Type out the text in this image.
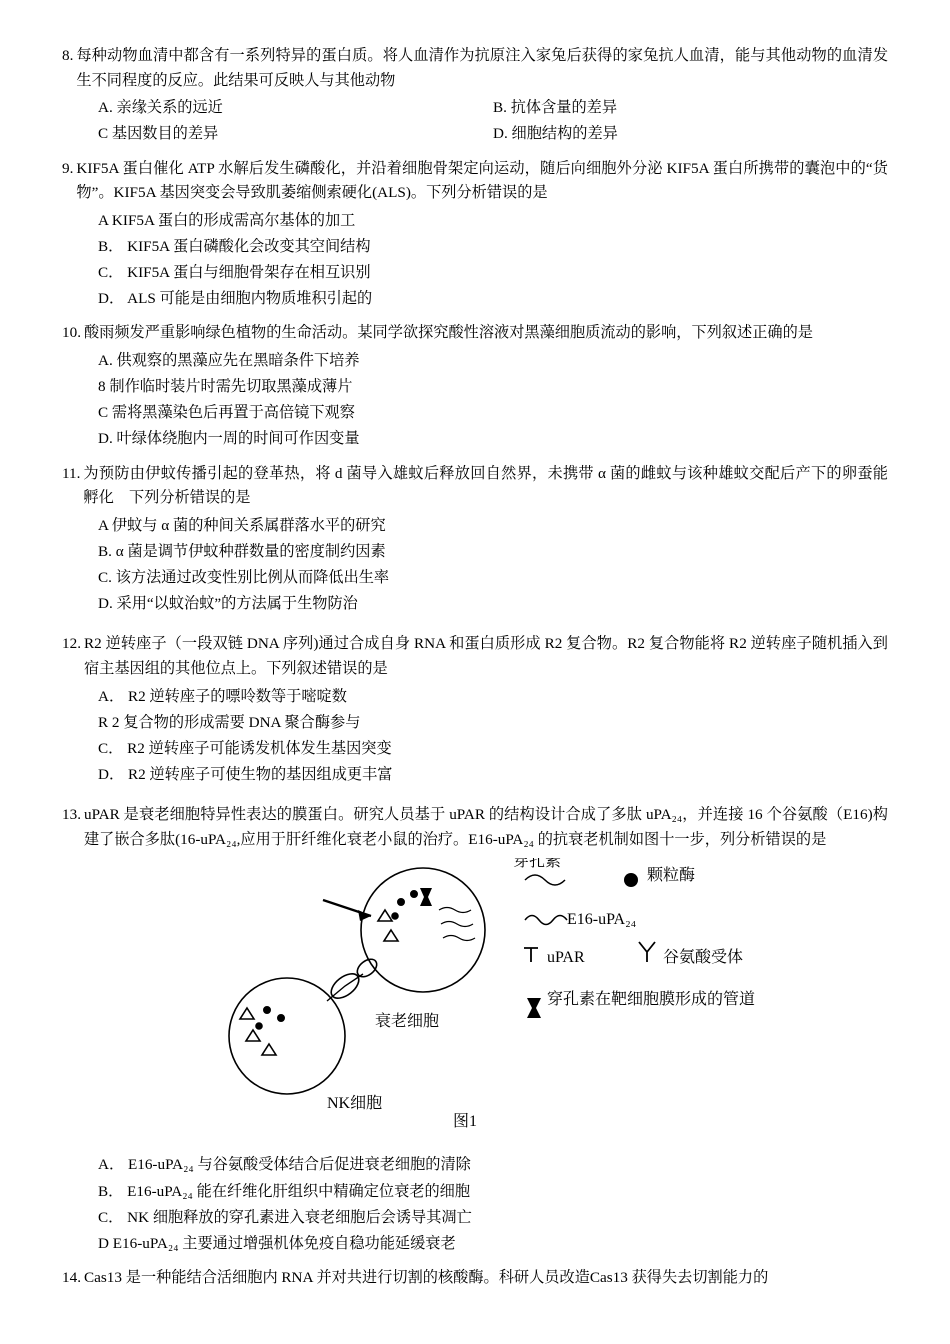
8. 每种动物血清中都含有一系列特异的蛋白质。将人血清作为抗原注入家兔后获得的家兔抗人血清，能与其他动物的血清发生不同程度的反应。此结果可反映人与其他动物
A. 亲缘关系的远近	B. 抗体含量的差异
C 基因数目的差异	D. 细胞结构的差异
9. KIF5A 蛋白催化 ATP 水解后发生磷酸化，并沿着细胞骨架定向运动，随后向细胞外分泌 KIF5A 蛋白所携带的囊泡中的“货物”。KIF5A 基因突变会导致肌萎缩侧索硬化(ALS)。下列分析错误的是
A KIF5A 蛋白的形成需高尔基体的加工
B． KIF5A 蛋白磷酸化会改变其空间结构
C． KIF5A 蛋白与细胞骨架存在相互识别
D． ALS 可能是由细胞内物质堆积引起的
10. 酸雨频发严重影响绿色植物的生命活动。某同学欲探究酸性溶液对黑藻细胞质流动的影响，下列叙述正确的是
A. 供观察的黑藻应先在黑暗条件下培养
8 制作临时装片时需先切取黑藻成薄片
C 需将黑藻染色后再置于高倍镜下观察
D. 叶绿体绕胞内一周的时间可作因变量
11. 为预防由伊蚊传播引起的登革热，将 d 菌导入雄蚊后释放回自然界，未携带 α 菌的雌蚊与该种雄蚊交配后产下的卵蚕能孵化　下列分析错误的是
A 伊蚊与 α 菌的种间关系属群落水平的研究
B. α 菌是调节伊蚊种群数量的密度制约因素
C. 该方法通过改变性别比例从而降低出生率
D. 采用“以蚊治蚊”的方法属于生物防治
12. R2 逆转座子（一段双链 DNA 序列)通过合成自身 RNA 和蛋白质形成 R2 复合物。R2 复合物能将 R2 逆转座子随机插入到宿主基因组的其他位点上。下列叙述错误的是
A． R2 逆转座子的嘌呤数等于嘧啶数
R 2 复合物的形成需要 DNA 聚合酶参与
C． R2 逆转座子可能诱发机体发生基因突变
D． R2 逆转座子可使生物的基因组成更丰富
13. uPAR 是衰老细胞特异性表达的膜蛋白。研究人员基于 uPAR 的结构设计合成了多肽 uPA₂₄，并连接 16 个谷氨酸（E16)构建了嵌合多肽(16-uPA₂₄,应用于肝纤维化衰老小鼠的治疗。E16-uPA₂₄ 的抗衰老机制如图十一步，列分析错误的是
衰老细胞
NK细胞
穿孔素
颗粒酶
E16-uPA₂₄
uPAR	谷氨酸受体
穿孔素在靶细胞膜形成的管道
图1
A． E16-uPA₂₄ 与谷氨酸受体结合后促进衰老细胞的清除
B． E16-uPA₂₄ 能在纤维化肝组织中精确定位衰老的细胞
C． NK 细胞释放的穿孔素进入衰老细胞后会诱导其凋亡
D E16-uPA₂₄ 主要通过增强机体免疫自稳功能延缓衰老
14. Cas13 是一种能结合活细胞内 RNA 并对共进行切割的核酸酶。科研人员改造Cas13 获得失去切割能力的
